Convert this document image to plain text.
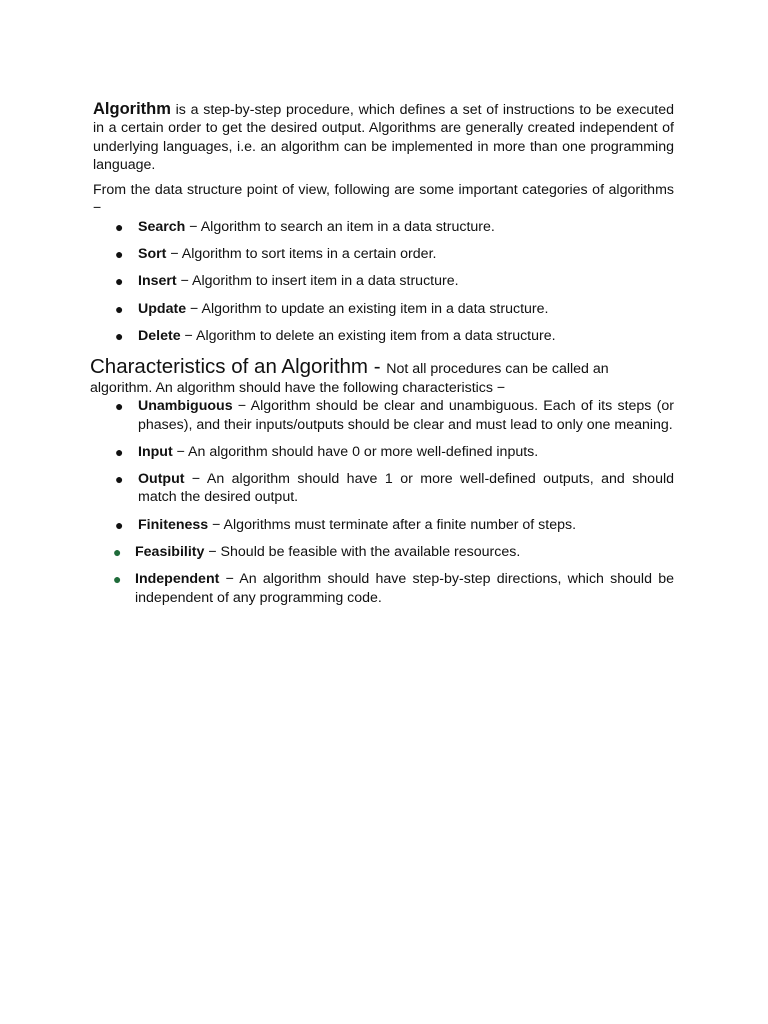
Algorithm is a step-by-step procedure, which defines a set of instructions to be executed in a certain order to get the desired output. Algorithms are generally created independent of underlying languages, i.e. an algorithm can be implemented in more than one programming language.

From the data structure point of view, following are some important categories of algorithms −

● Search − Algorithm to search an item in a data structure.
● Sort − Algorithm to sort items in a certain order.
● Insert − Algorithm to insert item in a data structure.
● Update − Algorithm to update an existing item in a data structure.
● Delete − Algorithm to delete an existing item from a data structure.
Characteristics of an Algorithm - Not all procedures can be called an
algorithm. An algorithm should have the following characteristics −
● Unambiguous − Algorithm should be clear and unambiguous. Each of its steps (or phases), and their inputs/outputs should be clear and must lead to only one meaning.
● Input − An algorithm should have 0 or more well-defined inputs.
● Output − An algorithm should have 1 or more well-defined outputs, and should match the desired output.
● Finiteness − Algorithms must terminate after a finite number of steps.
● Feasibility − Should be feasible with the available resources.
● Independent − An algorithm should have step-by-step directions, which should be independent of any programming code.
